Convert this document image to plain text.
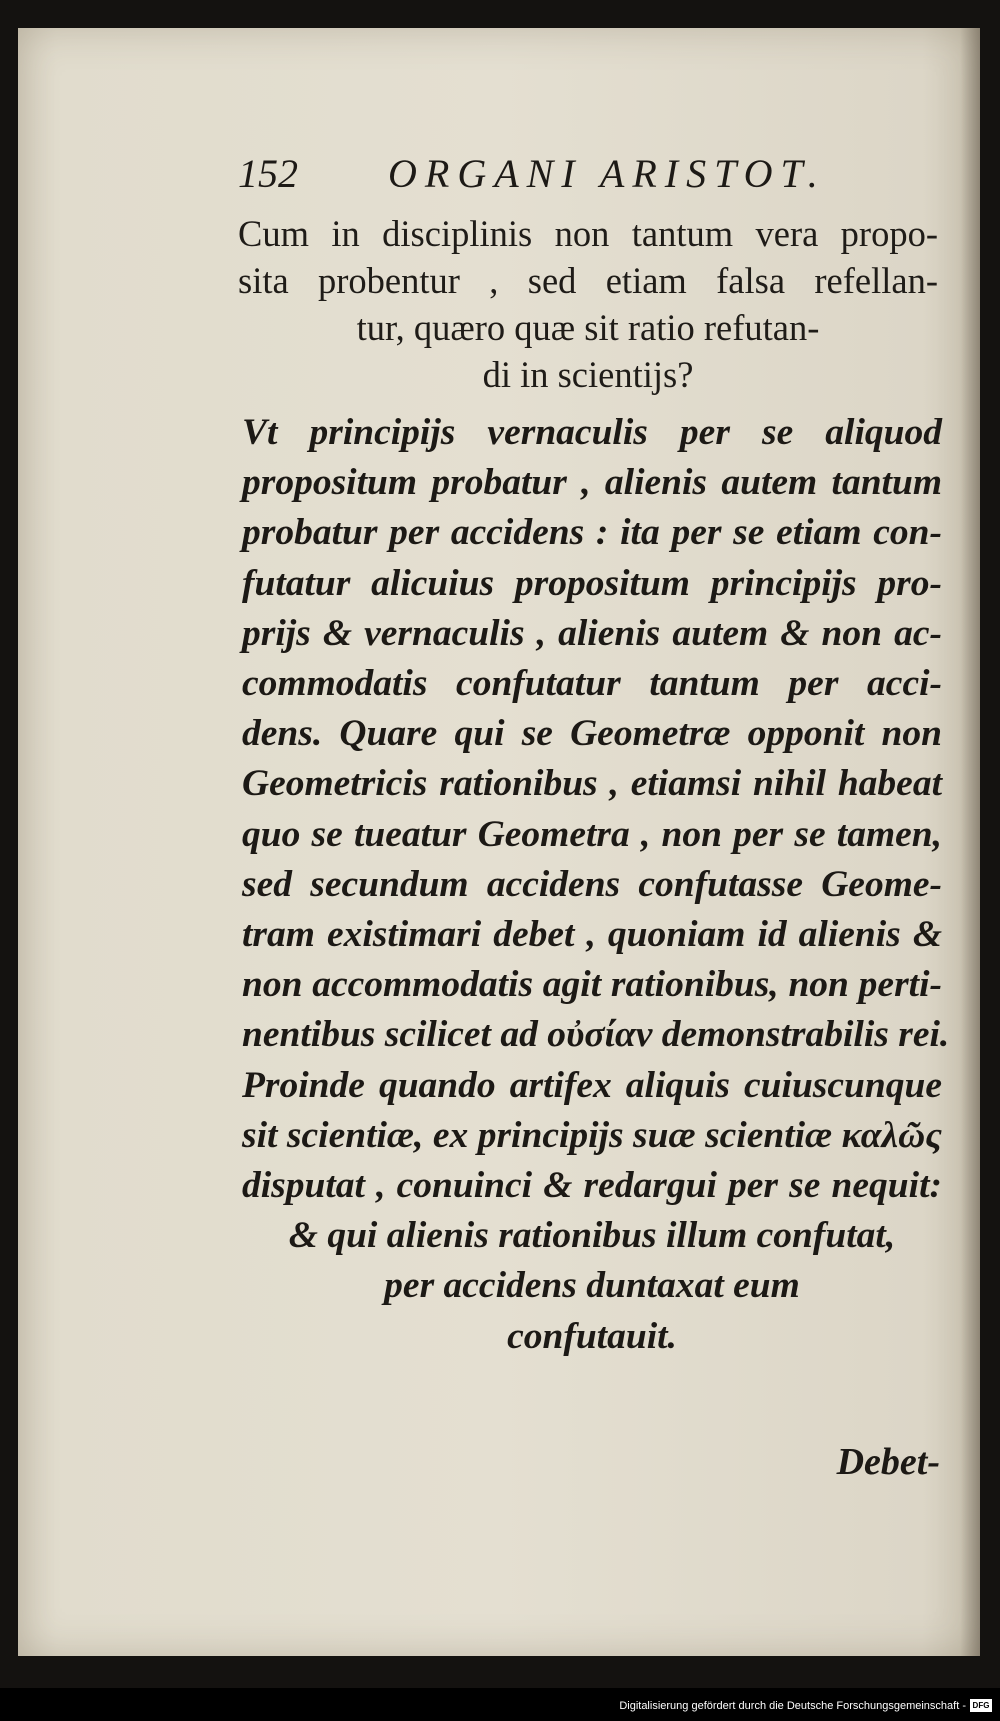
152 ORGANI ARISTOT.
Cum in disciplinis non tantum vera propo-
sita probentur , sed etiam falsa refellan-
tur, quæro quæ sit ratio refutan-
di in scientijs?
Vt principijs vernaculis per se aliquod
propositum probatur , alienis autem tantum
probatur per accidens : ita per se etiam con-
futatur alicuius propositum principijs pro-
prijs & vernaculis , alienis autem & non ac-
commodatis confutatur tantum per acci-
dens. Quare qui se Geometræ opponit non
Geometricis rationibus , etiamsi nihil habeat
quo se tueatur Geometra , non per se tamen,
sed secundum accidens confutasse Geome-
tram existimari debet , quoniam id alienis &
non accommodatis agit rationibus, non perti-
nentibus scilicet ad οὐσίαν demonstrabilis rei.
Proinde quando artifex aliquis cuiuscunque
sit scientiæ, ex principijs suæ scientiæ καλῶς
disputat , conuinci & redargui per se nequit:
& qui alienis rationibus illum confutat,
per accidens duntaxat eum
confutauit.
Debet-
Digitalisierung gefördert durch die Deutsche Forschungsgemeinschaft - DFG
